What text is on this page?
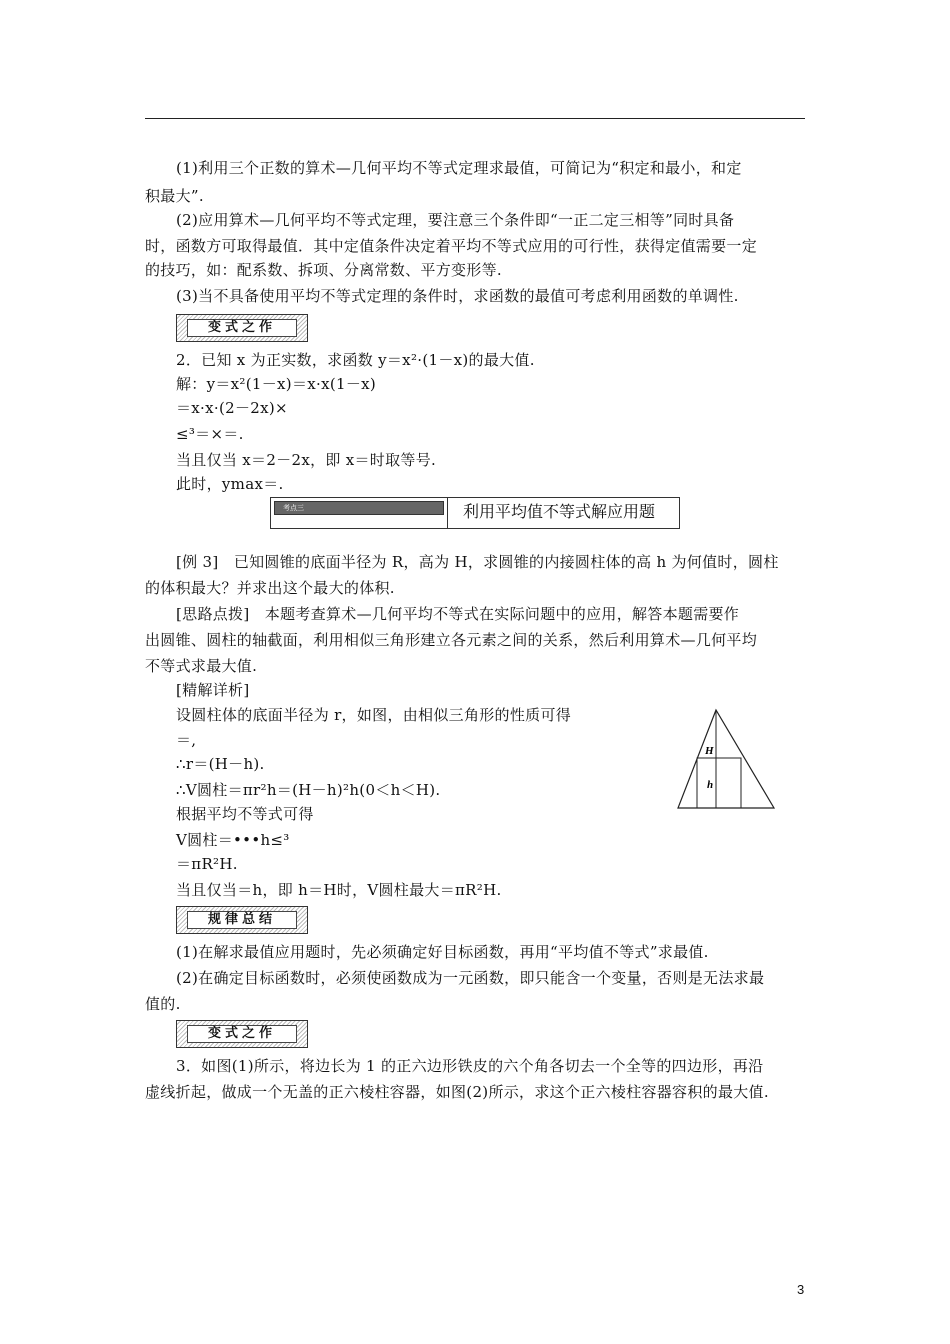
(1)利用三个正数的算术—几何平均不等式定理求最值，可简记为“积定和最小，和定
积最大”.
(2)应用算术—几何平均不等式定理，要注意三个条件即“一正二定三相等”同时具备
时，函数方可取得最值．其中定值条件决定着平均不等式应用的可行性，获得定值需要一定
的技巧，如：配系数、拆项、分离常数、平方变形等.
(3)当不具备使用平均不等式定理的条件时，求函数的最值可考虑利用函数的单调性.
变式之作
2．已知 x 为正实数，求函数 y＝x²·(1－x)的最大值.
解：y＝x²(1－x)＝x·x(1－x)
＝x·x·(2－2x)×
≤³＝×＝.
当且仅当 x＝2－2x，即 x＝时取等号.
此时，ymax＝.
考点三	利用平均值不等式解应用题
[例 3]　已知圆锥的底面半径为 R，高为 H，求圆锥的内接圆柱体的高 h 为何值时，圆柱
的体积最大？并求出这个最大的体积.
[思路点拨]　本题考查算术—几何平均不等式在实际问题中的应用，解答本题需要作
出圆锥、圆柱的轴截面，利用相似三角形建立各元素之间的关系，然后利用算术—几何平均
不等式求最大值.
[精解详析]
设圆柱体的底面半径为 r，如图，由相似三角形的性质可得
＝,
∴r＝(H－h).
∴V圆柱＝πr²h＝(H－h)²h(0＜h＜H).
根据平均不等式可得
V圆柱＝•••h≤³
＝πR²H.
当且仅当＝h，即 h＝H时，V圆柱最大＝πR²H.
H
h
规律总结
(1)在解求最值应用题时，先必须确定好目标函数，再用“平均值不等式”求最值.
(2)在确定目标函数时，必须使函数成为一元函数，即只能含一个变量，否则是无法求最
值的.
变式之作
3．如图(1)所示，将边长为 1 的正六边形铁皮的六个角各切去一个全等的四边形，再沿
虚线折起，做成一个无盖的正六棱柱容器，如图(2)所示，求这个正六棱柱容器容积的最大值.
3
